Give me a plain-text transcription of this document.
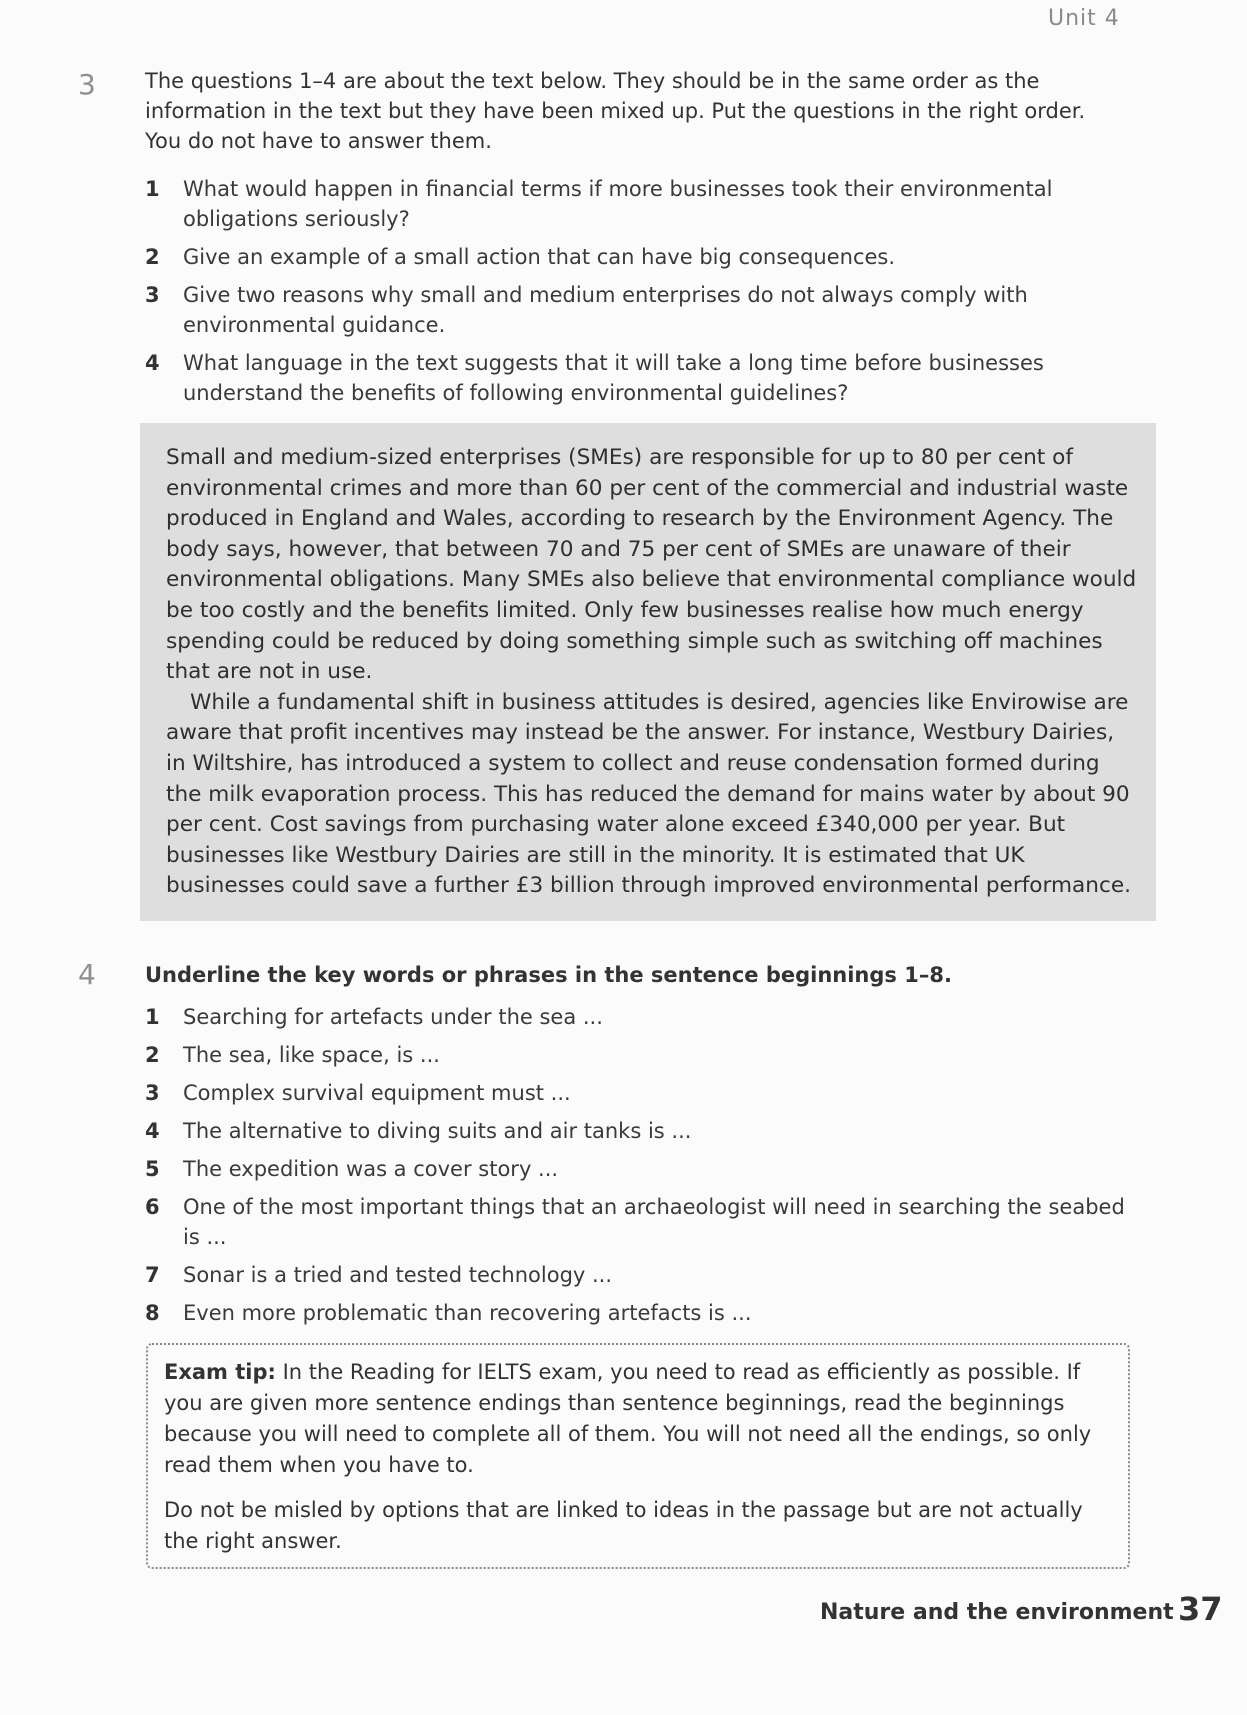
Unit 4
3 The questions 1–4 are about the text below. They should be in the same order as the information in the text but they have been mixed up. Put the questions in the right order. You do not have to answer them.
1 What would happen in financial terms if more businesses took their environmental obligations seriously?
2 Give an example of a small action that can have big consequences.
3 Give two reasons why small and medium enterprises do not always comply with environmental guidance.
4 What language in the text suggests that it will take a long time before businesses understand the benefits of following environmental guidelines?

Small and medium-sized enterprises (SMEs) are responsible for up to 80 per cent of environmental crimes and more than 60 per cent of the commercial and industrial waste produced in England and Wales, according to research by the Environment Agency. The body says, however, that between 70 and 75 per cent of SMEs are unaware of their environmental obligations. Many SMEs also believe that environmental compliance would be too costly and the benefits limited. Only few businesses realise how much energy spending could be reduced by doing something simple such as switching off machines that are not in use.

While a fundamental shift in business attitudes is desired, agencies like Envirowise are aware that profit incentives may instead be the answer. For instance, Westbury Dairies, in Wiltshire, has introduced a system to collect and reuse condensation formed during the milk evaporation process. This has reduced the demand for mains water by about 90 per cent. Cost savings from purchasing water alone exceed £340,000 per year. But businesses like Westbury Dairies are still in the minority. It is estimated that UK businesses could save a further £3 billion through improved environmental performance.

4 Underline the key words or phrases in the sentence beginnings 1–8.
1 Searching for artefacts under the sea ...
2 The sea, like space, is ...
3 Complex survival equipment must ...
4 The alternative to diving suits and air tanks is ...
5 The expedition was a cover story ...
6 One of the most important things that an archaeologist will need in searching the seabed is ...
7 Sonar is a tried and tested technology ...
8 Even more problematic than recovering artefacts is ...

Exam tip: In the Reading for IELTS exam, you need to read as efficiently as possible. If you are given more sentence endings than sentence beginnings, read the beginnings because you will need to complete all of them. You will not need all the endings, so only read them when you have to.

Do not be misled by options that are linked to ideas in the passage but are not actually the right answer.

Nature and the environment 37
